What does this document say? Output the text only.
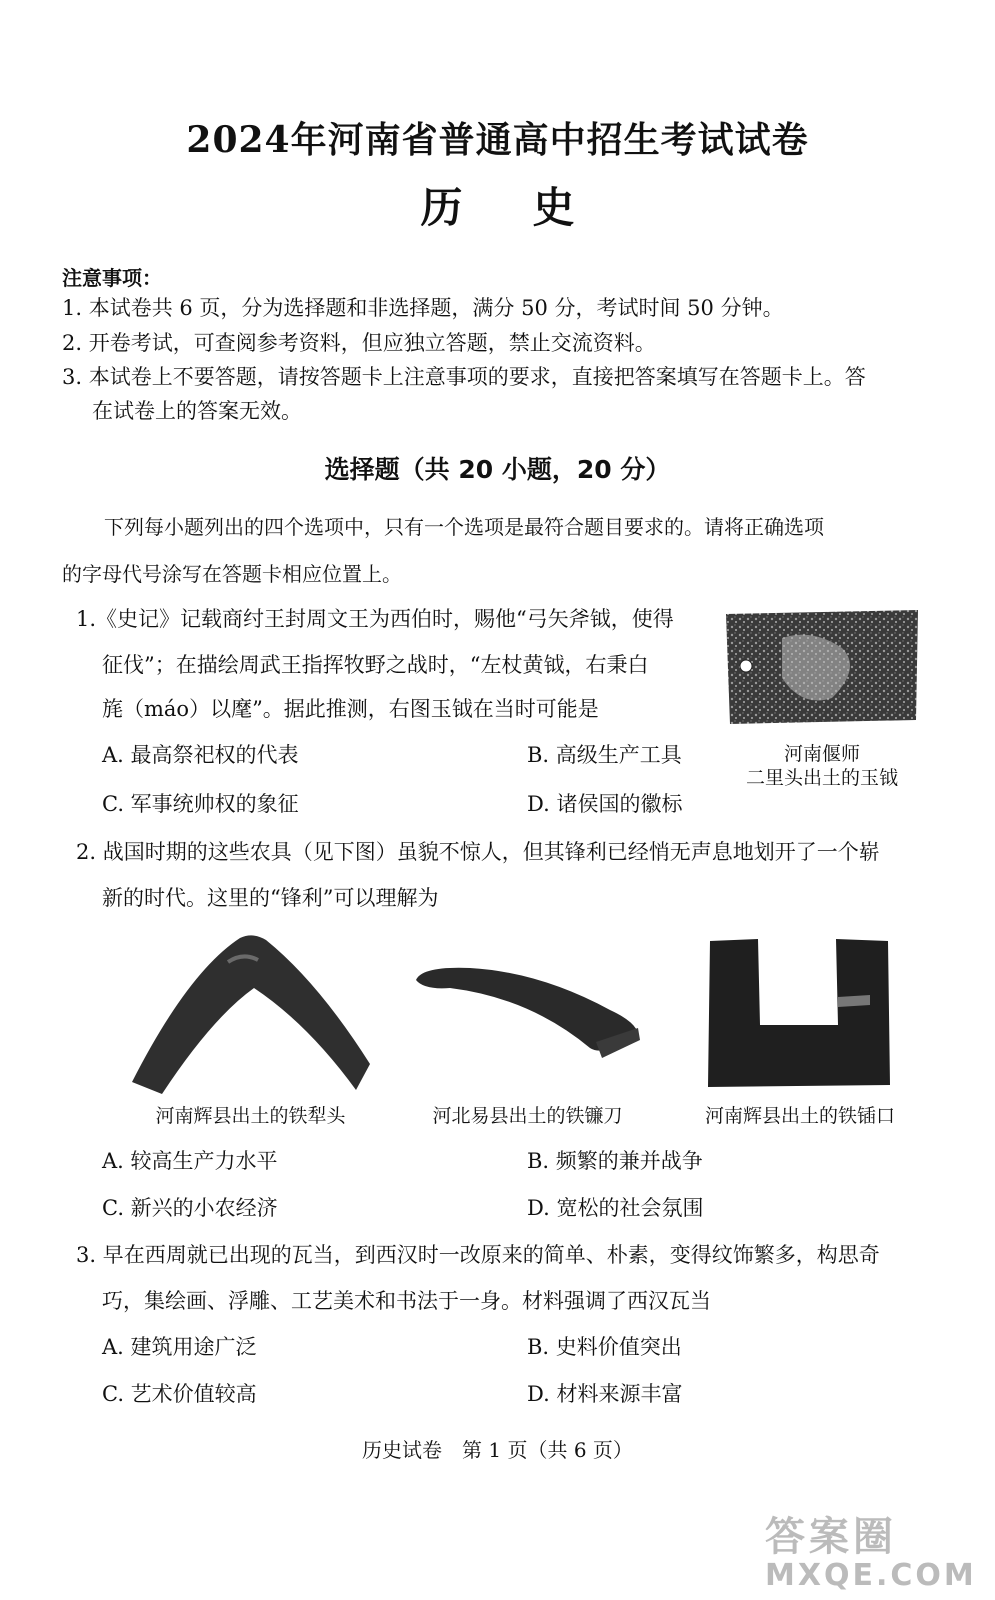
2024年河南省普通高中招生考试试卷
历史
注意事项：
1. 本试卷共 6 页，分为选择题和非选择题，满分 50 分，考试时间 50 分钟。
2. 开卷考试，可查阅参考资料，但应独立答题，禁止交流资料。
3. 本试卷上不要答题，请按答题卡上注意事项的要求，直接把答案填写在答题卡上。答
在试卷上的答案无效。
选择题（共 20 小题，20 分）
下列每小题列出的四个选项中，只有一个选项是最符合题目要求的。请将正确选项
的字母代号涂写在答题卡相应位置上。
1.《史记》记载商纣王封周文王为西伯时，赐他“弓矢斧钺，使得
征伐”；在描绘周武王指挥牧野之战时，“左杖黄钺，右秉白
旄（máo）以麾”。据此推测，右图玉钺在当时可能是
河南偃师
二里头出土的玉钺
A. 最高祭祀权的代表	B. 高级生产工具
C. 军事统帅权的象征	D. 诸侯国的徽标
2. 战国时期的这些农具（见下图）虽貌不惊人，但其锋利已经悄无声息地划开了一个崭
新的时代。这里的“锋利”可以理解为
河南辉县出土的铁犁头	河北易县出土的铁镰刀	河南辉县出土的铁锸口
A. 较高生产力水平	B. 频繁的兼并战争
C. 新兴的小农经济	D. 宽松的社会氛围
3. 早在西周就已出现的瓦当，到西汉时一改原来的简单、朴素，变得纹饰繁多，构思奇
巧，集绘画、浮雕、工艺美术和书法于一身。材料强调了西汉瓦当
A. 建筑用途广泛	B. 史料价值突出
C. 艺术价值较高	D. 材料来源丰富
历史试卷　第 1 页（共 6 页）
答案圈
MXQE.COM
